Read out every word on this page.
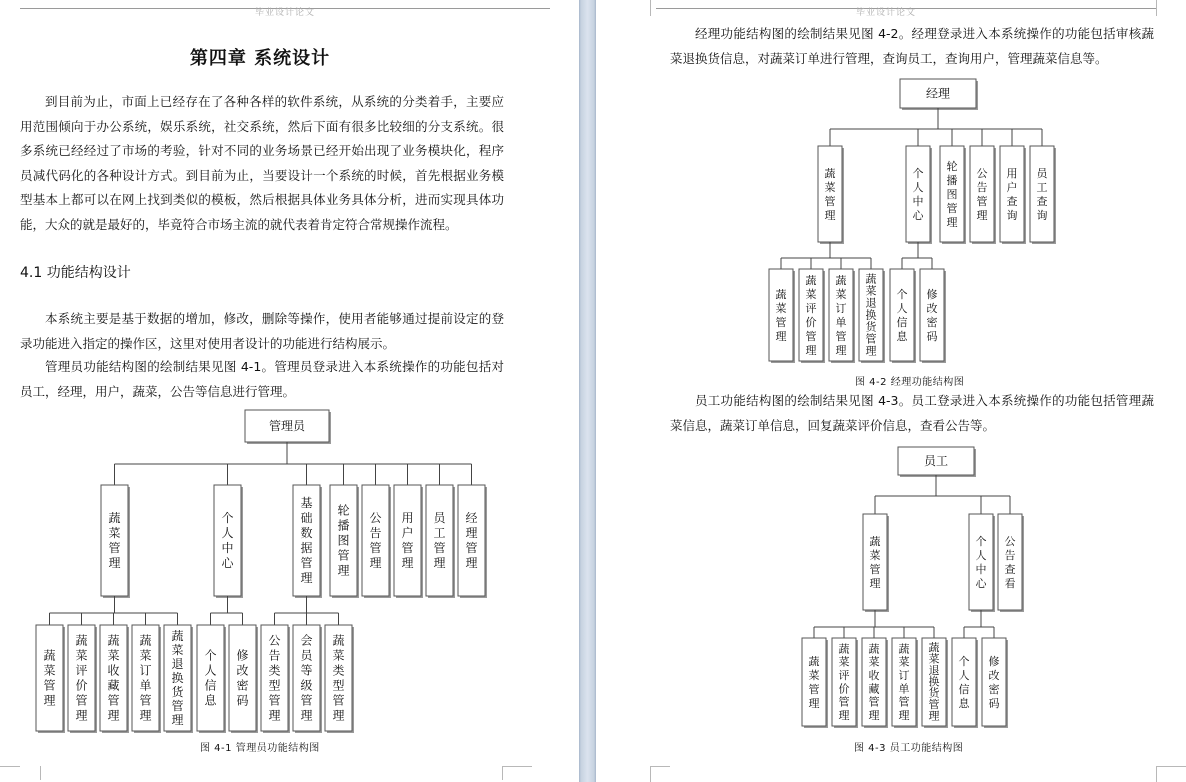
毕业设计论文
第四章 系统设计
到目前为止，市面上已经存在了各种各样的软件系统，从系统的分类着手，主要应用范围倾向于办公系统，娱乐系统，社交系统，然后下面有很多比较细的分支系统。很多系统已经经过了市场的考验，针对不同的业务场景已经开始出现了业务模块化，程序员减代码化的各种设计方式。到目前为止，当要设计一个系统的时候，首先根据业务模型基本上都可以在网上找到类似的模板，然后根据具体业务具体分析，进而实现具体功能，大众的就是最好的，毕竟符合市场主流的就代表着肯定符合常规操作流程。
4.1 功能结构设计
本系统主要是基于数据的增加，修改，删除等操作，使用者能够通过提前设定的登录功能进入指定的操作区，这里对使用者设计的功能进行结构展示。
管理员功能结构图的绘制结果见图 4-1。管理员登录进入本系统操作的功能包括对员工，经理，用户，蔬菜，公告等信息进行管理。
管理员
蔬菜管理
个人中心
基础数据管理
轮播图管理
公告管理
用户管理
员工管理
经理管理
蔬菜管理
蔬菜评价管理
蔬菜收藏管理
蔬菜订单管理
蔬菜退换货管理
个人信息
修改密码
公告类型管理
会员等级管理
蔬菜类型管理
图 4-1 管理员功能结构图
毕业设计论文
经理功能结构图的绘制结果见图 4-2。经理登录进入本系统操作的功能包括审核蔬菜退换货信息，对蔬菜订单进行管理，查询员工，查询用户，管理蔬菜信息等。
经理
蔬菜管理
个人中心
轮播图管理
公告管理
用户查询
员工查询
蔬菜管理
蔬菜评价管理
蔬菜订单管理
蔬菜退换货管理
个人信息
修改密码
图 4-2 经理功能结构图
员工功能结构图的绘制结果见图 4-3。员工登录进入本系统操作的功能包括管理蔬菜信息，蔬菜订单信息，回复蔬菜评价信息，查看公告等。
员工
蔬菜管理
个人中心
公告查看
蔬菜管理
蔬菜评价管理
蔬菜收藏管理
蔬菜订单管理
蔬菜退换货管理
个人信息
修改密码
图 4-3 员工功能结构图
